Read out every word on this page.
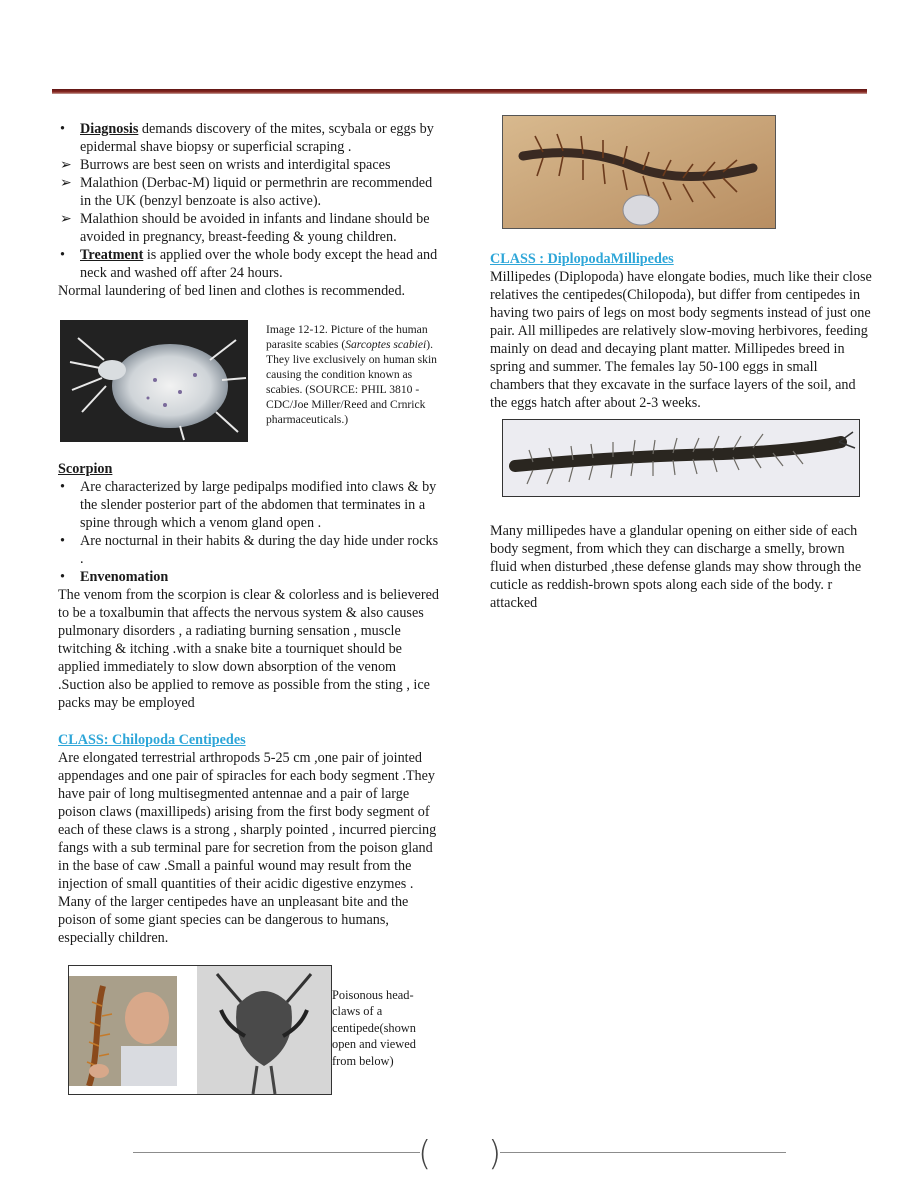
•	Diagnosis demands discovery of the mites, scybala or eggs by epidermal shave biopsy or superficial scraping .
➢ Burrows are best seen on wrists and interdigital spaces
➢ Malathion (Derbac-M) liquid or permethrin are recommended in the UK (benzyl benzoate is also active).
➢ Malathion should be avoided in infants and lindane should be avoided in pregnancy, breast-feeding & young children.
•	Treatment is applied over the whole body except the head and neck and washed off after 24 hours.

Normal laundering of bed linen and clothes is recommended.

Image 12-12. Picture of the human parasite scabies (Sarcoptes scabiei). They live exclusively on human skin causing the condition known as scabies. (SOURCE: PHIL 3810 - CDC/Joe Miller/Reed and Crnrick pharmaceuticals.)

Scorpion

•	Are characterized by large pedipalps modified into claws & by the slender posterior part of the abdomen that terminates in a spine through which a venom gland open .
•	Are nocturnal in their habits & during the day hide under rocks .
•	Envenomation

The venom from the scorpion is clear & colorless and is believered to be a toxalbumin that affects the nervous system & also causes pulmonary disorders , a radiating burning sensation , muscle twitching & itching .with a snake bite a tourniquet should be applied immediately to slow down absorption of the venom .Suction also be applied to remove as possible from the sting , ice packs may be employed

CLASS: Chilopoda Centipedes

Are elongated terrestrial arthropods 5-25 cm ,one pair of jointed appendages and one pair of spiracles for each body segment .They have pair of long multisegmented antennae and a pair of large poison claws (maxillipeds) arising from the first body segment of each of these claws is a strong , sharply pointed , incurred piercing fangs with a sub terminal pare for secretion from the poison gland in the base of caw .Small a painful wound may result from the injection of small quantities of their acidic digestive enzymes . Many of the larger centipedes have an unpleasant bite and the poison of some giant species can be dangerous to humans, especially children.

Poisonous head-claws of a centipede(shown open and viewed from below)

CLASS : DiplopodaMillipedes

Millipedes (Diplopoda) have elongate bodies, much like their close relatives the centipedes(Chilopoda), but differ from centipedes in having two pairs of legs on most body segments instead of just one pair. All millipedes are relatively slow-moving herbivores, feeding mainly on dead and decaying plant matter. Millipedes breed in spring and summer. The females lay 50-100 eggs in small chambers that they excavate in the surface layers of the soil, and the eggs hatch after about 2-3 weeks.

Many millipedes have a glandular opening on either side of each body segment, from which they can discharge a smelly, brown fluid when disturbed ,these defense glands may show through the cuticle as reddish-brown spots along each side of the body. r attacked

( )
